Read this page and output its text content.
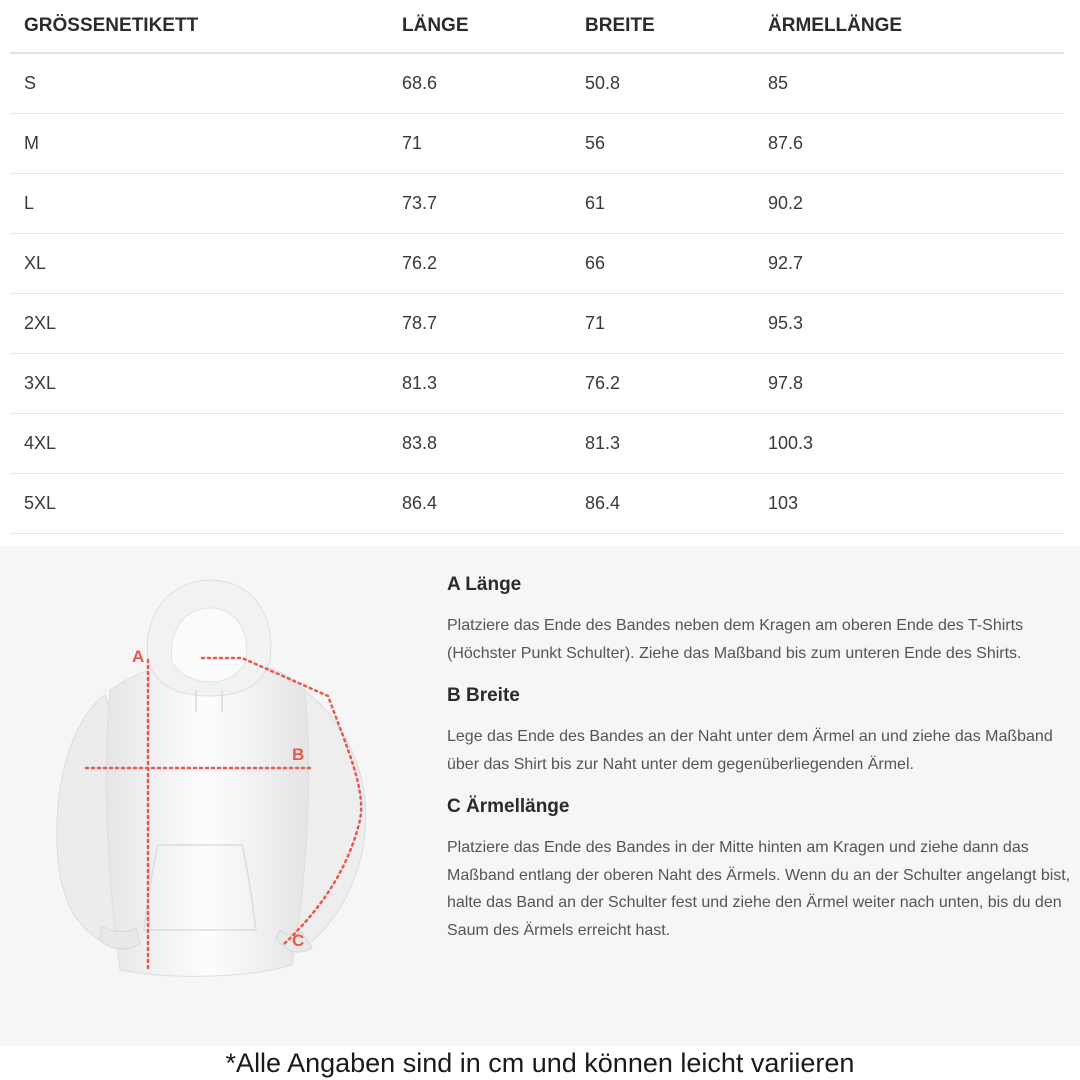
GRÖSSENETIKETT	LÄNGE	BREITE	ÄRMELLÄNGE
S	68.6	50.8	85
M	71	56	87.6
L	73.7	61	90.2
XL	76.2	66	92.7
2XL	78.7	71	95.3
3XL	81.3	76.2	97.8
4XL	83.8	81.3	100.3
5XL	86.4	86.4	103
A
B
C
A Länge

Platziere das Ende des Bandes neben dem Kragen am oberen Ende des T-Shirts (Höchster Punkt Schulter). Ziehe das Maßband bis zum unteren Ende des Shirts.

B Breite

Lege das Ende des Bandes an der Naht unter dem Ärmel an und ziehe das Maßband über das Shirt bis zur Naht unter dem gegenüberliegenden Ärmel.

C Ärmellänge

Platziere das Ende des Bandes in der Mitte hinten am Kragen und ziehe dann das Maßband entlang der oberen Naht des Ärmels. Wenn du an der Schulter angelangt bist, halte das Band an der Schulter fest und ziehe den Ärmel weiter nach unten, bis du den Saum des Ärmels erreicht hast.

*Alle Angaben sind in cm und können leicht variieren
